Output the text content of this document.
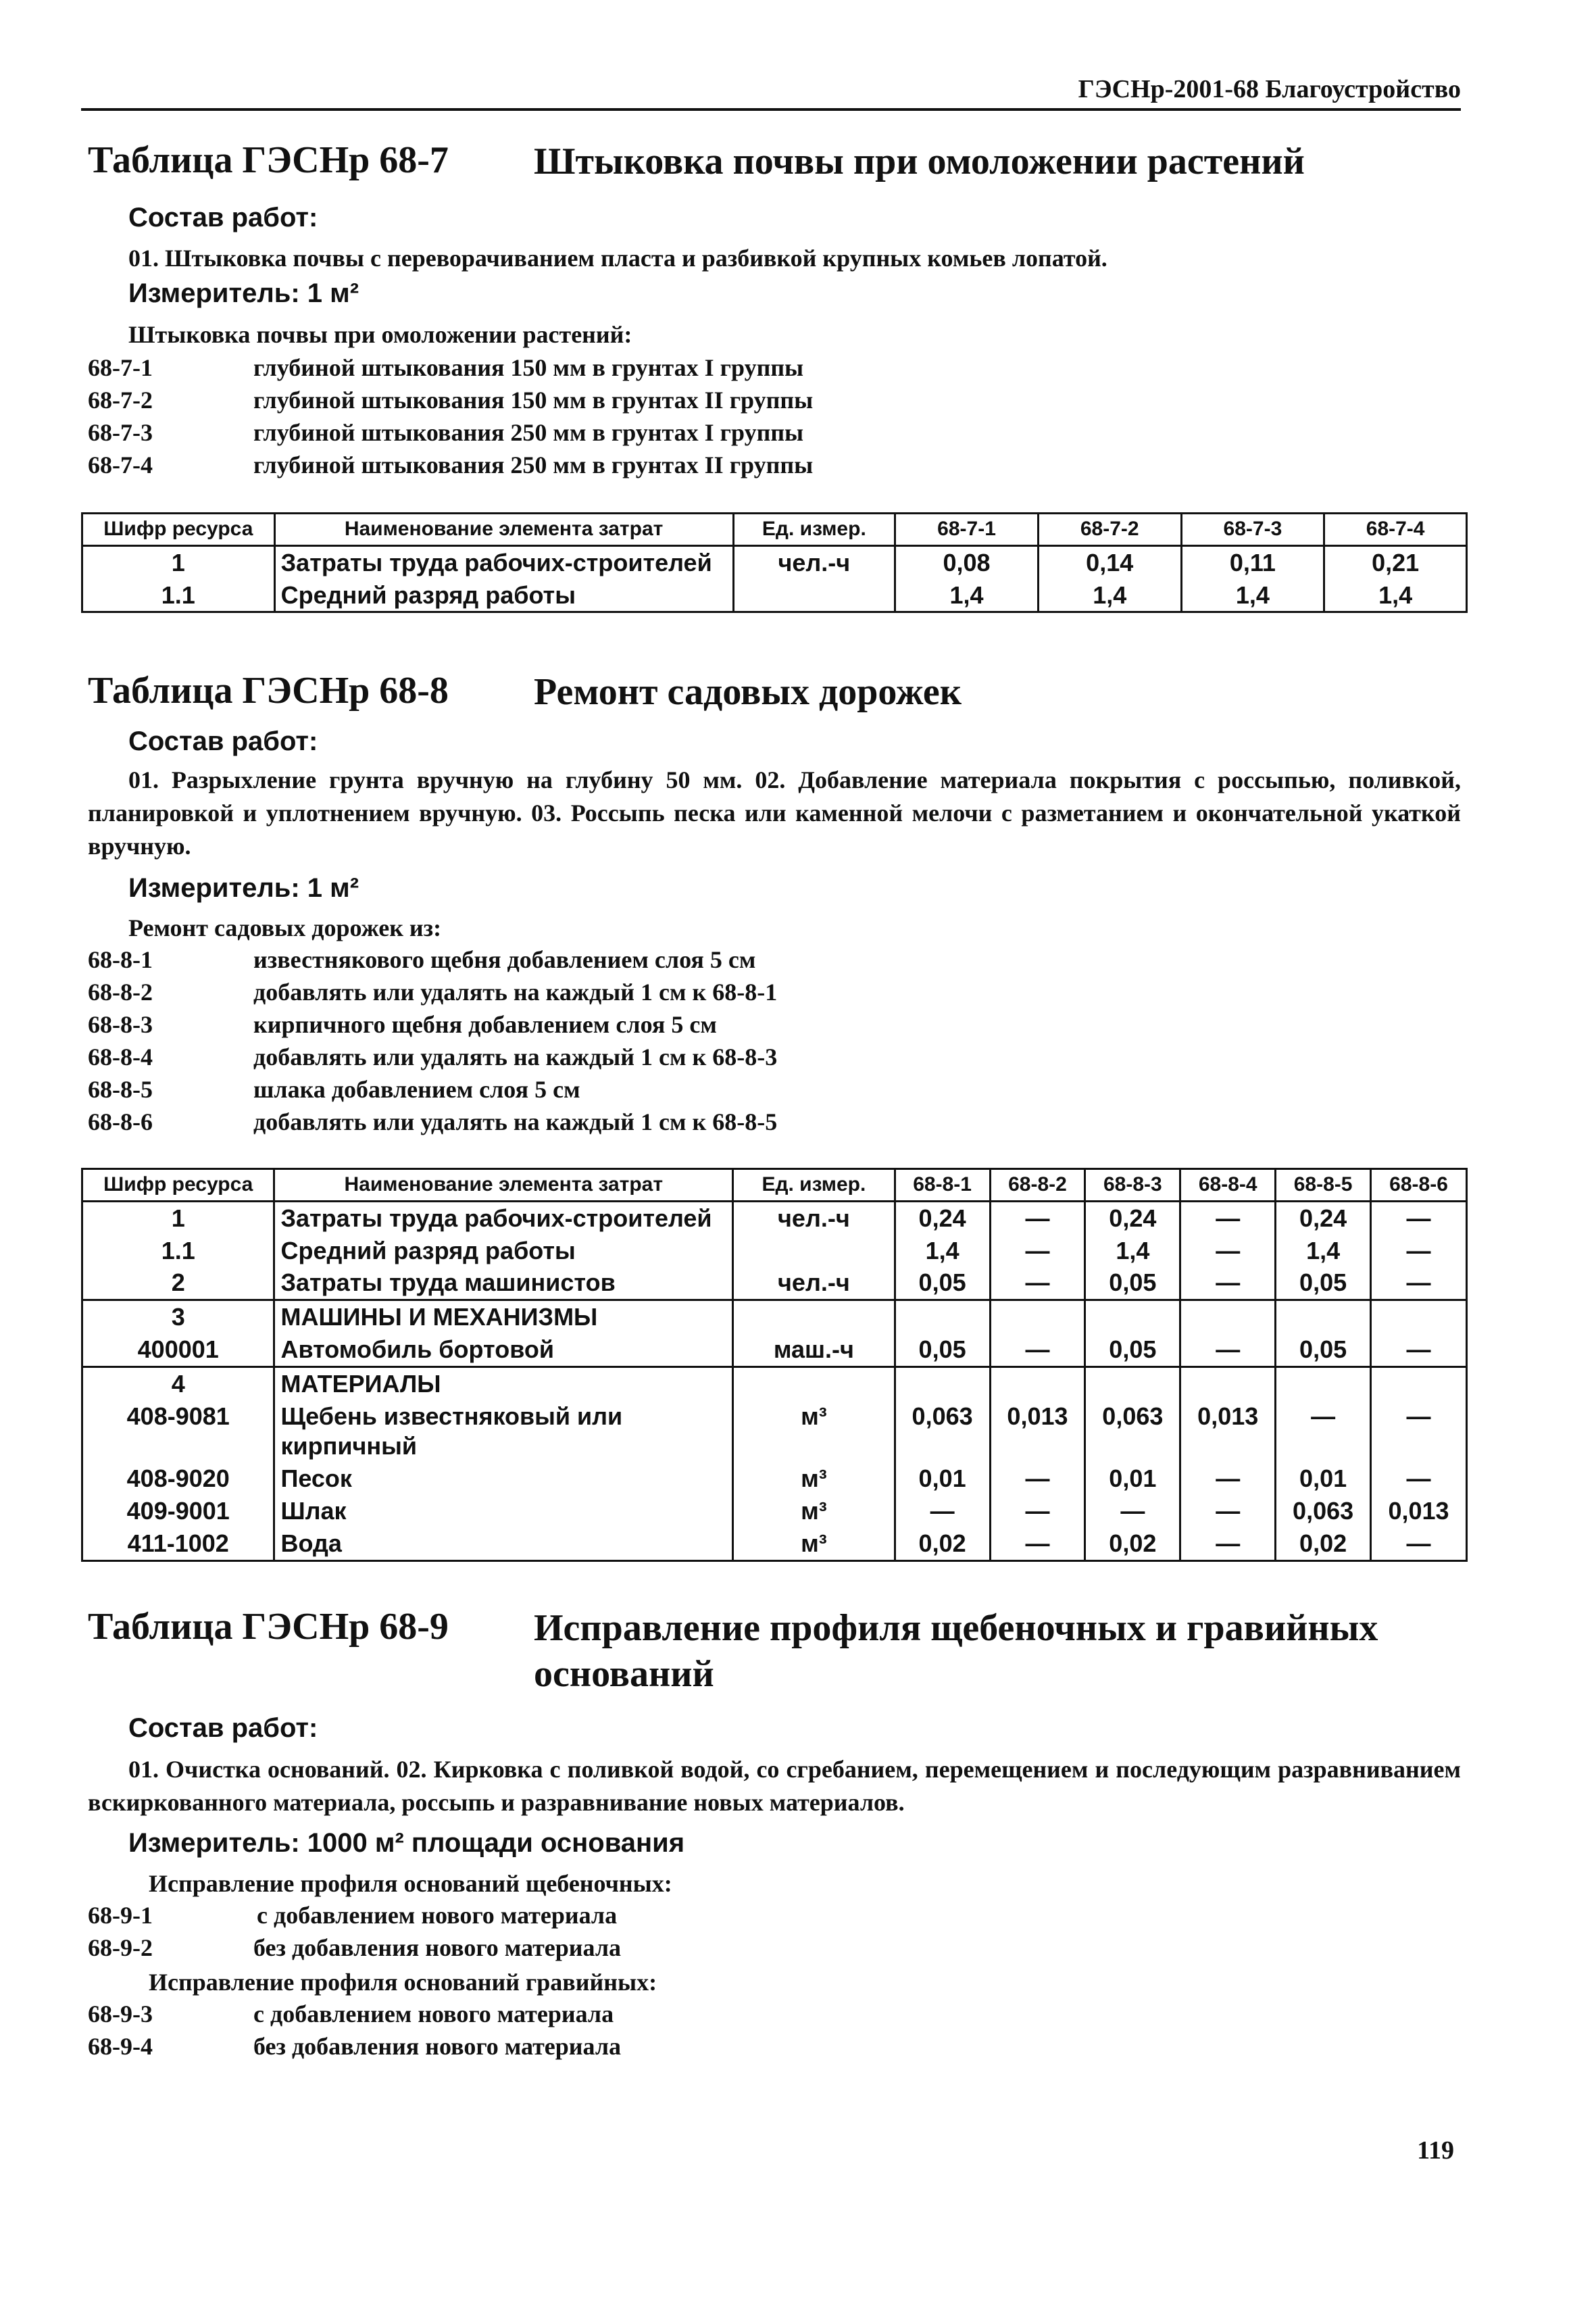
ГЭСНр-2001-68 Благоустройство
Таблица ГЭСНр 68-7	Штыковка почвы при омоложении растений
Состав работ:
01. Штыковка почвы с переворачиванием пласта и разбивкой крупных комьев лопатой.
Измеритель: 1 м²
Штыковка почвы при омоложении растений:
68-7-1	глубиной штыкования 150 мм в грунтах I группы
68-7-2	глубиной штыкования 150 мм в грунтах II группы
68-7-3	глубиной штыкования 250 мм в грунтах I группы
68-7-4	глубиной штыкования 250 мм в грунтах II группы
Шифр ресурса	Наименование элемента затрат	Ед. измер.	68-7-1	68-7-2	68-7-3	68-7-4
1	Затраты труда рабочих-строителей	чел.-ч	0,08	0,14	0,11	0,21
1.1	Средний разряд работы		1,4	1,4	1,4	1,4
Таблица ГЭСНр 68-8	Ремонт садовых дорожек
Состав работ:
01. Разрыхление грунта вручную на глубину 50 мм. 02. Добавление материала покрытия с россыпью, поливкой, планировкой и уплотнением вручную. 03. Россыпь песка или каменной мелочи с разметанием и окончательной укаткой вручную.
Измеритель: 1 м²
Ремонт садовых дорожек из:
68-8-1	известнякового щебня добавлением слоя 5 см
68-8-2	добавлять или удалять на каждый 1 см к 68-8-1
68-8-3	кирпичного щебня добавлением слоя 5 см
68-8-4	добавлять или удалять на каждый 1 см к 68-8-3
68-8-5	шлака добавлением слоя 5 см
68-8-6	добавлять или удалять на каждый 1 см к 68-8-5
Шифр ресурса	Наименование элемента затрат	Ед. измер.	68-8-1	68-8-2	68-8-3	68-8-4	68-8-5	68-8-6
1	Затраты труда рабочих-строителей	чел.-ч	0,24	—	0,24	—	0,24	—
1.1	Средний разряд работы		1,4	—	1,4	—	1,4	—
2	Затраты труда машинистов	чел.-ч	0,05	—	0,05	—	0,05	—
3	МАШИНЫ И МЕХАНИЗМЫ							
400001	Автомобиль бортовой	маш.-ч	0,05	—	0,05	—	0,05	—
4	МАТЕРИАЛЫ							
408-9081	Щебень известняковый или кирпичный	м³	0,063	0,013	0,063	0,013	—	—
408-9020	Песок	м³	0,01	—	0,01	—	0,01	—
409-9001	Шлак	м³	—	—	—	—	0,063	0,013
411-1002	Вода	м³	0,02	—	0,02	—	0,02	—
Таблица ГЭСНр 68-9	Исправление профиля щебеночных и гравийных
оснований
Состав работ:
01. Очистка оснований. 02. Кирковка с поливкой водой, со сгребанием, перемещением и последующим разравниванием вскиркованного материала, россыпь и разравнивание новых материалов.
Измеритель: 1000 м² площади основания
Исправление профиля оснований щебеночных:
68-9-1	с добавлением нового материала
68-9-2	без добавления нового материала
Исправление профиля оснований гравийных:
68-9-3	с добавлением нового материала
68-9-4	без добавления нового материала
119
